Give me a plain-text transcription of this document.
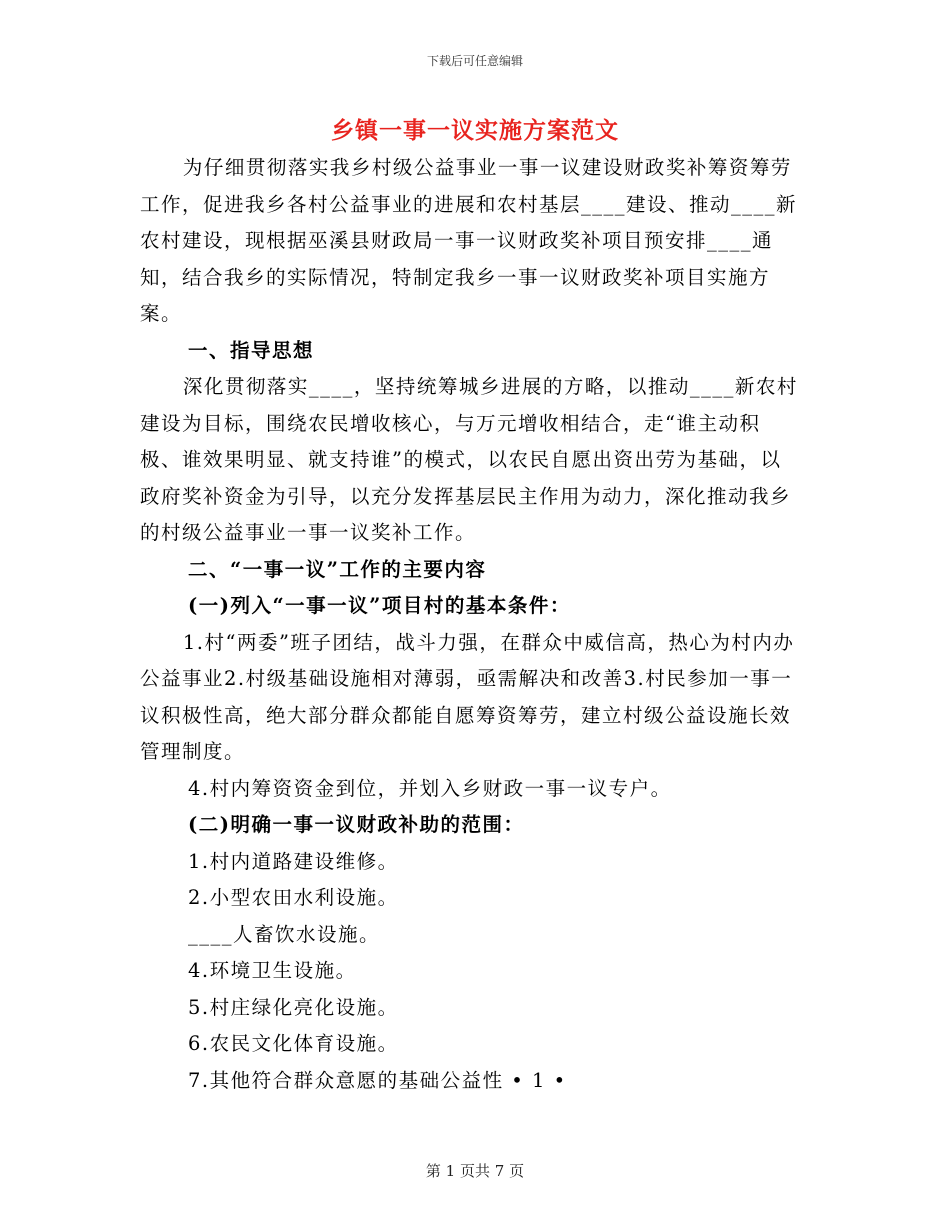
下载后可任意编辑
乡镇一事一议实施方案范文

为仔细贯彻落实我乡村级公益事业一事一议建设财政奖补筹资筹劳工作，促进我乡各村公益事业的进展和农村基层____建设、推动____新农村建设，现根据巫溪县财政局一事一议财政奖补项目预安排____通知，结合我乡的实际情况，特制定我乡一事一议财政奖补项目实施方案。

一、指导思想

深化贯彻落实____，坚持统筹城乡进展的方略，以推动____新农村建设为目标，围绕农民增收核心，与万元增收相结合，走“谁主动积极、谁效果明显、就支持谁”的模式，以农民自愿出资出劳为基础，以政府奖补资金为引导，以充分发挥基层民主作用为动力，深化推动我乡的村级公益事业一事一议奖补工作。

二、“一事一议”工作的主要内容

(一)列入“一事一议”项目村的基本条件：

1.村“两委”班子团结，战斗力强，在群众中威信高，热心为村内办公益事业2.村级基础设施相对薄弱，亟需解决和改善3.村民参加一事一议积极性高，绝大部分群众都能自愿筹资筹劳，建立村级公益设施长效管理制度。

4.村内筹资资金到位，并划入乡财政一事一议专户。

(二)明确一事一议财政补助的范围：

1.村内道路建设维修。

2.小型农田水利设施。

____人畜饮水设施。

4.环境卫生设施。

5.村庄绿化亮化设施。

6.农民文化体育设施。

7.其他符合群众意愿的基础公益性 • 1 •

第 1 页共 7 页
